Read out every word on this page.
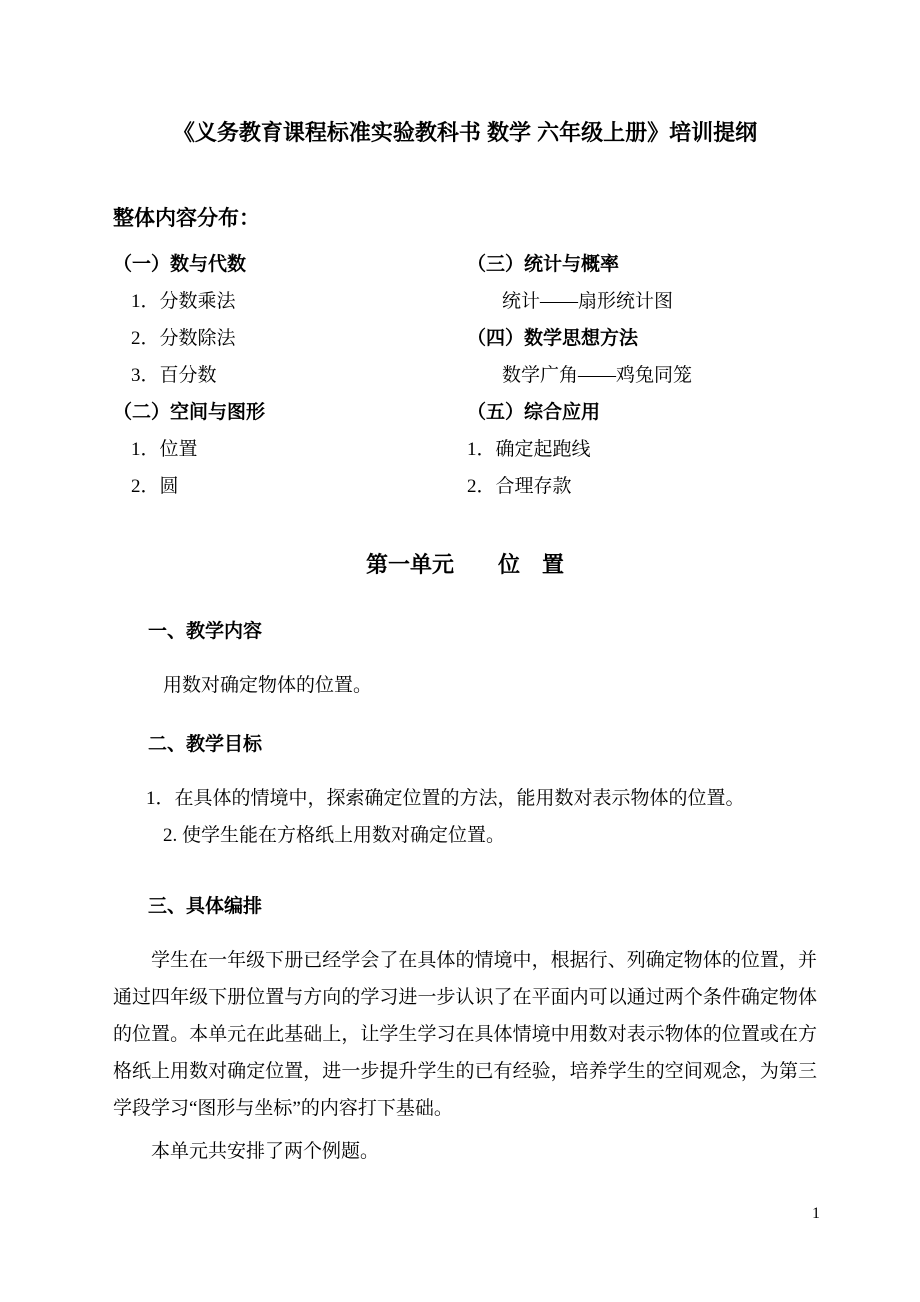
《义务教育课程标准实验教科书 数学 六年级上册》培训提纲
整体内容分布：
（一）数与代数
1．分数乘法
2．分数除法
3．百分数
（二）空间与图形
1．位置
2．圆
（三）统计与概率
统计——扇形统计图
（四）数学思想方法
数学广角——鸡兔同笼
（五）综合应用
1．确定起跑线
2．合理存款
第一单元　　位　置
一、教学内容

用数对确定物体的位置。

二、教学目标

1．在具体的情境中，探索确定位置的方法，能用数对表示物体的位置。

2. 使学生能在方格纸上用数对确定位置。

三、具体编排

学生在一年级下册已经学会了在具体的情境中，根据行、列确定物体的位置，并通过四年级下册位置与方向的学习进一步认识了在平面内可以通过两个条件确定物体的位置。本单元在此基础上，让学生学习在具体情境中用数对表示物体的位置或在方格纸上用数对确定位置，进一步提升学生的已有经验，培养学生的空间观念，为第三学段学习“图形与坐标”的内容打下基础。

本单元共安排了两个例题。

1
